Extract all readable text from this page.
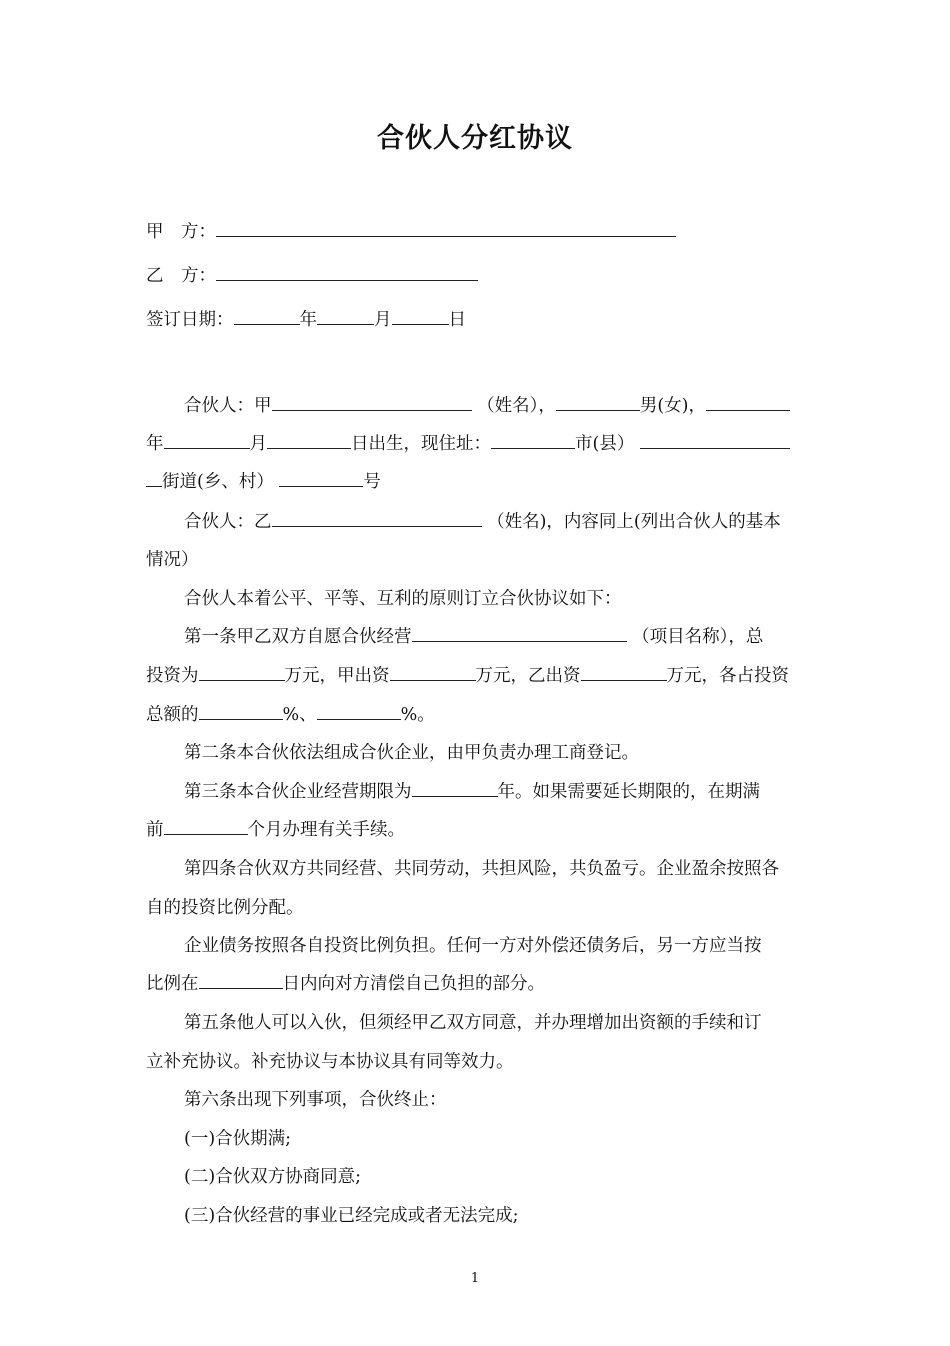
合伙人分红协议
甲　方：
乙　方：
签订日期：	年	月	日
合伙人：甲	（姓名），	男(女)，
年	月	日出生，现住址：	市(县）
街道(乡、村）	号
合伙人：乙	（姓名)，内容同上(列出合伙人的基本
情况）
合伙人本着公平、平等、互利的原则订立合伙协议如下：
第一条甲乙双方自愿合伙经营	（项目名称），总
投资为	万元，甲出资	万元，乙出资	万元，各占投资
总额的	%、	%。
第二条本合伙依法组成合伙企业，由甲负责办理工商登记。
第三条本合伙企业经营期限为	年。如果需要延长期限的，在期满
前	个月办理有关手续。
第四条合伙双方共同经营、共同劳动，共担风险，共负盈亏。企业盈余按照各
自的投资比例分配。
企业债务按照各自投资比例负担。任何一方对外偿还债务后，另一方应当按
比例在	日内向对方清偿自己负担的部分。
第五条他人可以入伙，但须经甲乙双方同意，并办理增加出资额的手续和订
立补充协议。补充协议与本协议具有同等效力。
第六条出现下列事项，合伙终止：
(一)合伙期满;
(二)合伙双方协商同意;
(三)合伙经营的事业已经完成或者无法完成;
1
